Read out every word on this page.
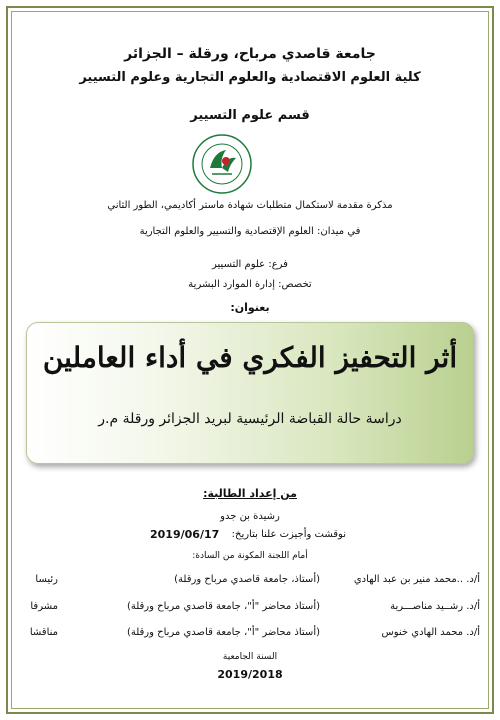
جامعة قاصدي مرباح، ورقلة – الجزائر
كلية العلوم الاقتصادية والعلوم التجارية وعلوم التسيير
قسم علوم التسيير
مذكرة مقدمة لاستكمال متطلبات شهادة ماستر أكاديمي، الطور الثاني
في ميدان: العلوم الإقتصادية والتسيير والعلوم التجارية
فرع: علوم التسيير
تخصص: إدارة الموارد البشرية
بعنوان:
أثر التحفيز الفكري في أداء العاملين
دراسة حالة القباضة الرئيسية لبريد الجزائر ورقلة م.ر
من إعداد الطالبة:
رشيدة بن جدو
نوقشت وأجيزت علنا بتاريخ:
2019/06/17
أمام اللجنة المكونة من السادة:
أ/د. ..محمد منير بن عبد الهادي
(أستاذ، جامعة قاصدي مرباح ورقلة)
رئيسا
أ/د. رشــيد مناصـــرية
(أستاذ محاضر "أ"، جامعة قاصدي مرباح ورقلة)
مشرفا
أ/د. محمد الهادي خنوس
(أستاذ محاضر "أ"، جامعة قاصدي مرباح ورقلة)
مناقشا
السنة الجامعية
2019/2018
